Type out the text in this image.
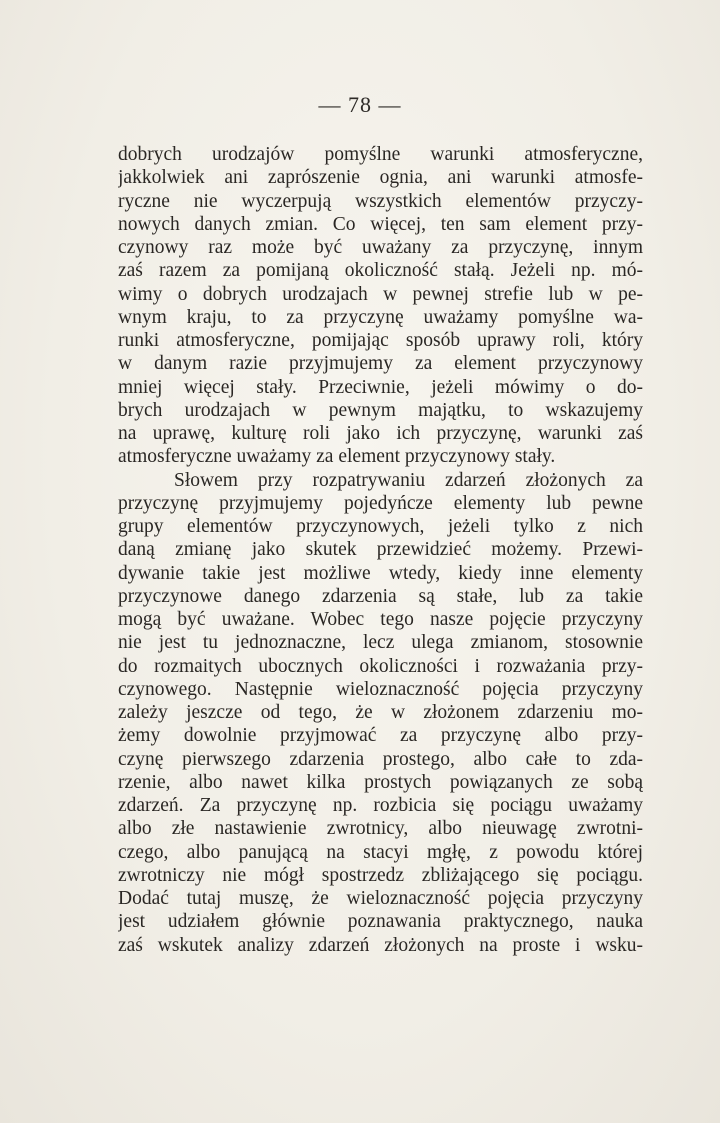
— 78 —
dobrych urodzajów pomyślne warunki atmosferyczne,
jakkolwiek ani zaprószenie ognia, ani warunki atmosfe-
ryczne nie wyczerpują wszystkich elementów przyczy-
nowych danych zmian. Co więcej, ten sam element przy-
czynowy raz może być uważany za przyczynę, innym
zaś razem za pomijaną okoliczność stałą. Jeżeli np. mó-
wimy o dobrych urodzajach w pewnej strefie lub w pe-
wnym kraju, to za przyczynę uważamy pomyślne wa-
runki atmosferyczne, pomijając sposób uprawy roli, który
w danym razie przyjmujemy za element przyczynowy
mniej więcej stały. Przeciwnie, jeżeli mówimy o do-
brych urodzajach w pewnym majątku, to wskazujemy
na uprawę, kulturę roli jako ich przyczynę, warunki zaś
atmosferyczne uważamy za element przyczynowy stały.
Słowem przy rozpatrywaniu zdarzeń złożonych za
przyczynę przyjmujemy pojedyńcze elementy lub pewne
grupy elementów przyczynowych, jeżeli tylko z nich
daną zmianę jako skutek przewidzieć możemy. Przewi-
dywanie takie jest możliwe wtedy, kiedy inne elementy
przyczynowe danego zdarzenia są stałe, lub za takie
mogą być uważane. Wobec tego nasze pojęcie przyczyny
nie jest tu jednoznaczne, lecz ulega zmianom, stosownie
do rozmaitych ubocznych okoliczności i rozważania przy-
czynowego. Następnie wieloznaczność pojęcia przyczyny
zależy jeszcze od tego, że w złożonem zdarzeniu mo-
żemy dowolnie przyjmować za przyczynę albo przy-
czynę pierwszego zdarzenia prostego, albo całe to zda-
rzenie, albo nawet kilka prostych powiązanych ze sobą
zdarzeń. Za przyczynę np. rozbicia się pociągu uważamy
albo złe nastawienie zwrotnicy, albo nieuwagę zwrotni-
czego, albo panującą na stacyi mgłę, z powodu której
zwrotniczy nie mógł spostrzedz zbliżającego się pociągu.
Dodać tutaj muszę, że wieloznaczność pojęcia przyczyny
jest udziałem głównie poznawania praktycznego, nauka
zaś wskutek analizy zdarzeń złożonych na proste i wsku-
